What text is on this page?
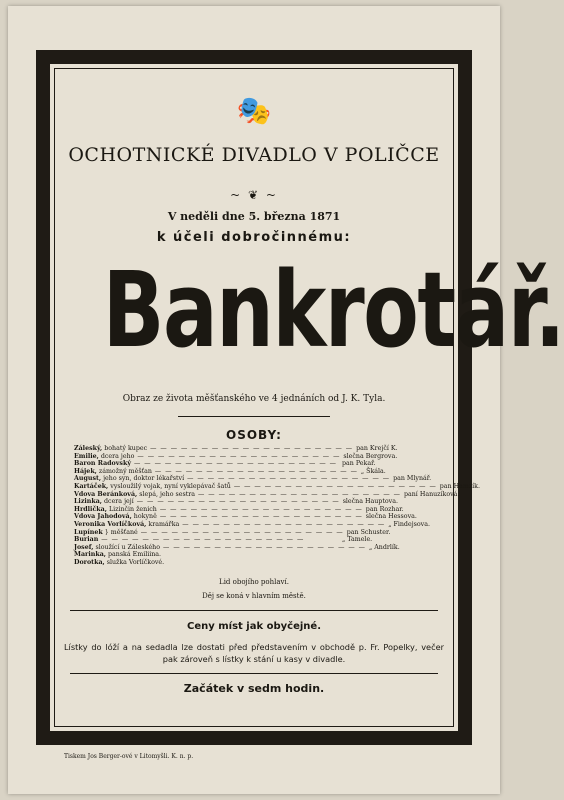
🎭

OCHOTNICKÉ DIVADLO V POLIČCE

~ ❦ ~

V neděli dne 5. března 1871

k účeli dobročinnému:

Bankrotář.

Obraz ze života měšťanského ve 4 jednáních od J. K. Tyla.

OSOBY:

Záleský, bohatý kupec — — — — — — — — — — — — — — — — — — — — pan Krejčí K.
Emilie, dcera jeho — — — — — — — — — — — — — — — — — — — — slečna Bergrova.
Baron Radovský — — — — — — — — — — — — — — — — — — — — pan Pekař.
Hájek, zámožný měšťan — — — — — — — — — — — — — — — — — — — — „ Škála.
August, jeho syn, doktor lékařství — — — — — — — — — — — — — — — — — — — — pan Mlynář.
Kartáček, vysloužilý vojak, nyní vyklepávač šatů — — — — — — — — — — — — — — — — — — — — pan Hamzík.
Vdova Beránková, slepá, jeho sestra — — — — — — — — — — — — — — — — — — — — paní Hanuzíková.
Lizinka, dcera její — — — — — — — — — — — — — — — — — — — — slečna Hauptova.
Hrdlička, Lizinčin ženich — — — — — — — — — — — — — — — — — — — — pan Rozhar.
Vdova Jahodová, hokyně — — — — — — — — — — — — — — — — — — — — slečna Hessova.
Veronika Vorlíčková, kramářka — — — — — — — — — — — — — — — — — — — — „ Findejsova.
Lupínek } měšťané — — — — — — — — — — — — — — — — — — — — pan Schuster.
Burian — — — — — — — — — — — — — — — — — — — —	„ Tamele.
Josef, sloužící u Záleského — — — — — — — — — — — — — — — — — — — — „ Andrlík.
Marinka, panská Emiliina.
Dorotka, služka Vorlíčkové.

Lid obojího pohlaví.

Děj se koná v hlavním městě.

Ceny míst jak obyčejné.

Lístky do lóží a na sedadla lze dostati před představením v obchodě p. Fr. Popelky, večer pak zároveň s lístky k stání u kasy v divadle.

Začátek v sedm hodin.

Tiskem Jos Berger-ové v Litomyšli. K. n. p.
